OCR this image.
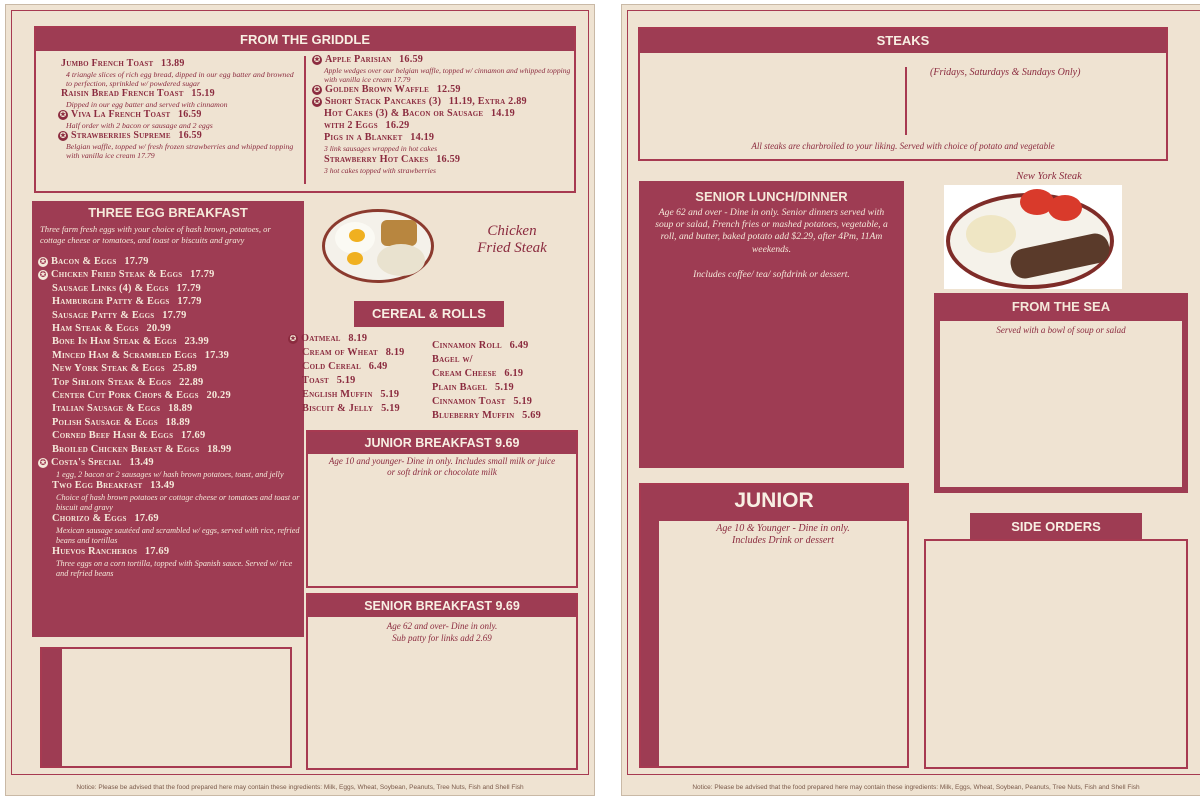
FROM THE GRIDDLE
Jumbo French Toast 13.89
4 triangle slices of rich egg bread, dipped in our egg batter and browned to perfection, sprinkled w/ powdered sugar
Raisin Bread French Toast 15.19
Dipped in our egg batter and served with cinnamon
✪ Viva La French Toast 16.59
Half order with 2 bacon or sausage and 2 eggs
✪ Strawberries Supreme 16.59
Belgian waffle, topped w/ fresh frozen strawberries and whipped topping with vanilla ice cream 17.79
✪ Apple Parisian 16.59
Apple wedges over our belgian waffle, topped w/ cinnamon and whipped topping with vanilla ice cream 17.79
✪ Golden Brown Waffle 12.59
✪ Short Stack Pancakes (3) 11.19, Extra 2.89
Hot Cakes (3) & Bacon or Sausage 14.19
with 2 Eggs 16.29
Pigs in a Blanket 14.19
3 link sausages wrapped in hot cakes
Strawberry Hot Cakes 16.59
3 hot cakes topped with strawberries
THREE EGG BREAKFAST
Three farm fresh eggs with your choice of hash brown, potatoes, or cottage cheese or tomatoes, and toast or biscuits and gravy
✪ Bacon & Eggs 17.79
✪ Chicken Fried Steak & Eggs 17.79
Sausage Links (4) & Eggs 17.79
Hamburger Patty & Eggs 17.79
Sausage Patty & Eggs 17.79
Ham Steak & Eggs 20.99
Bone In Ham Steak & Eggs 23.99
Minced Ham & Scrambled Eggs 17.39
New York Steak & Eggs 25.89
Top Sirloin Steak & Eggs 22.89
Center Cut Pork Chops & Eggs 20.29
Italian Sausage & Eggs 18.89
Polish Sausage & Eggs 18.89
Corned Beef Hash & Eggs 17.69
Broiled Chicken Breast & Eggs 18.99
✪ Costa's Special 13.49
1 egg, 2 bacon or 2 sausages w/ hash brown potatoes, toast, and jelly
Two Egg Breakfast 13.49
Choice of hash brown potatoes or cottage cheese or tomatoes and toast or biscuit and gravy
Chorizo & Eggs 17.69
Mexican sausage sautéed and scrambled w/ eggs, served with rice, refried beans and tortillas
Huevos Rancheros 17.69
Three eggs on a corn tortilla, topped with Spanish sauce. Served w/ rice and refried beans
Chicken
Fried Steak
CEREAL & ROLLS
✪ Oatmeal 8.19
Cream of Wheat 8.19
Cold Cereal 6.49
Toast 5.19
English Muffin 5.19
Biscuit & Jelly 5.19
Cinnamon Roll 6.49
Bagel w/
Cream Cheese 6.19
Plain Bagel 5.19
Cinnamon Toast 5.19
Blueberry Muffin 5.69
JUNIOR BREAKFAST 9.69
Age 10 and younger- Dine in only. Includes small milk or juice or soft drink or chocolate milk
SENIOR BREAKFAST 9.69
Age 62 and over- Dine in only.
Sub patty for links add 2.69
Notice: Please be advised that the food prepared here may contain these ingredients: Milk, Eggs, Wheat, Soybean, Peanuts, Tree Nuts, Fish and Shell Fish
STEAKS
(Fridays, Saturdays & Sundays Only)
All steaks are charbroiled to your liking. Served with choice of potato and vegetable
SENIOR LUNCH/DINNER
Age 62 and over - Dine in only. Senior dinners served with soup or salad, French fries or mashed potatoes, vegetable, a roll, and butter, baked potato add $2.29, after 4Pm, 11Am weekends.
Includes coffee/ tea/ softdrink or dessert.
New York Steak
FROM THE SEA
Served with a bowl of soup or salad
JUNIOR
Age 10 & Younger - Dine in only.
Includes Drink or dessert
SIDE ORDERS
Notice: Please be advised that the food prepared here may contain these ingredients: Milk, Eggs, Wheat, Soybean, Peanuts, Tree Nuts, Fish and Shell Fish
